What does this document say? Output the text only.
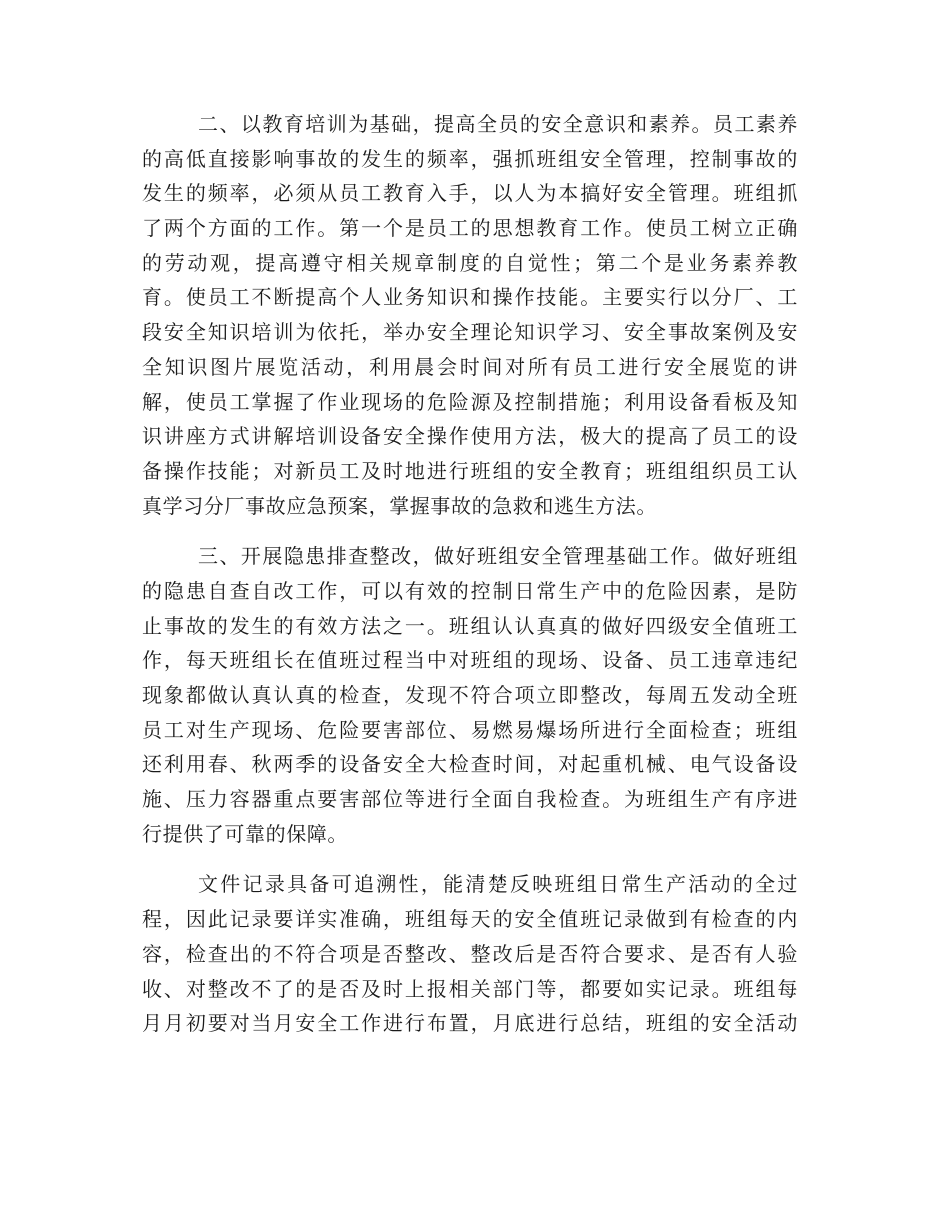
二、以教育培训为基础，提高全员的安全意识和素养。员工素养
的高低直接影响事故的发生的频率，强抓班组安全管理，控制事故的
发生的频率，必须从员工教育入手，以人为本搞好安全管理。班组抓
了两个方面的工作。第一个是员工的思想教育工作。使员工树立正确
的劳动观，提高遵守相关规章制度的自觉性；第二个是业务素养教
育。使员工不断提高个人业务知识和操作技能。主要实行以分厂、工
段安全知识培训为依托，举办安全理论知识学习、安全事故案例及安
全知识图片展览活动，利用晨会时间对所有员工进行安全展览的讲
解，使员工掌握了作业现场的危险源及控制措施；利用设备看板及知
识讲座方式讲解培训设备安全操作使用方法，极大的提高了员工的设
备操作技能；对新员工及时地进行班组的安全教育；班组组织员工认
真学习分厂事故应急预案，掌握事故的急救和逃生方法。
三、开展隐患排查整改，做好班组安全管理基础工作。做好班组
的隐患自查自改工作，可以有效的控制日常生产中的危险因素，是防
止事故的发生的有效方法之一。班组认认真真的做好四级安全值班工
作，每天班组长在值班过程当中对班组的现场、设备、员工违章违纪
现象都做认真认真的检查，发现不符合项立即整改，每周五发动全班
员工对生产现场、危险要害部位、易燃易爆场所进行全面检查；班组
还利用春、秋两季的设备安全大检查时间，对起重机械、电气设备设
施、压力容器重点要害部位等进行全面自我检查。为班组生产有序进
行提供了可靠的保障。
文件记录具备可追溯性，能清楚反映班组日常生产活动的全过
程，因此记录要详实准确，班组每天的安全值班记录做到有检查的内
容，检查出的不符合项是否整改、整改后是否符合要求、是否有人验
收、对整改不了的是否及时上报相关部门等，都要如实记录。班组每
月月初要对当月安全工作进行布置，月底进行总结，班组的安全活动
